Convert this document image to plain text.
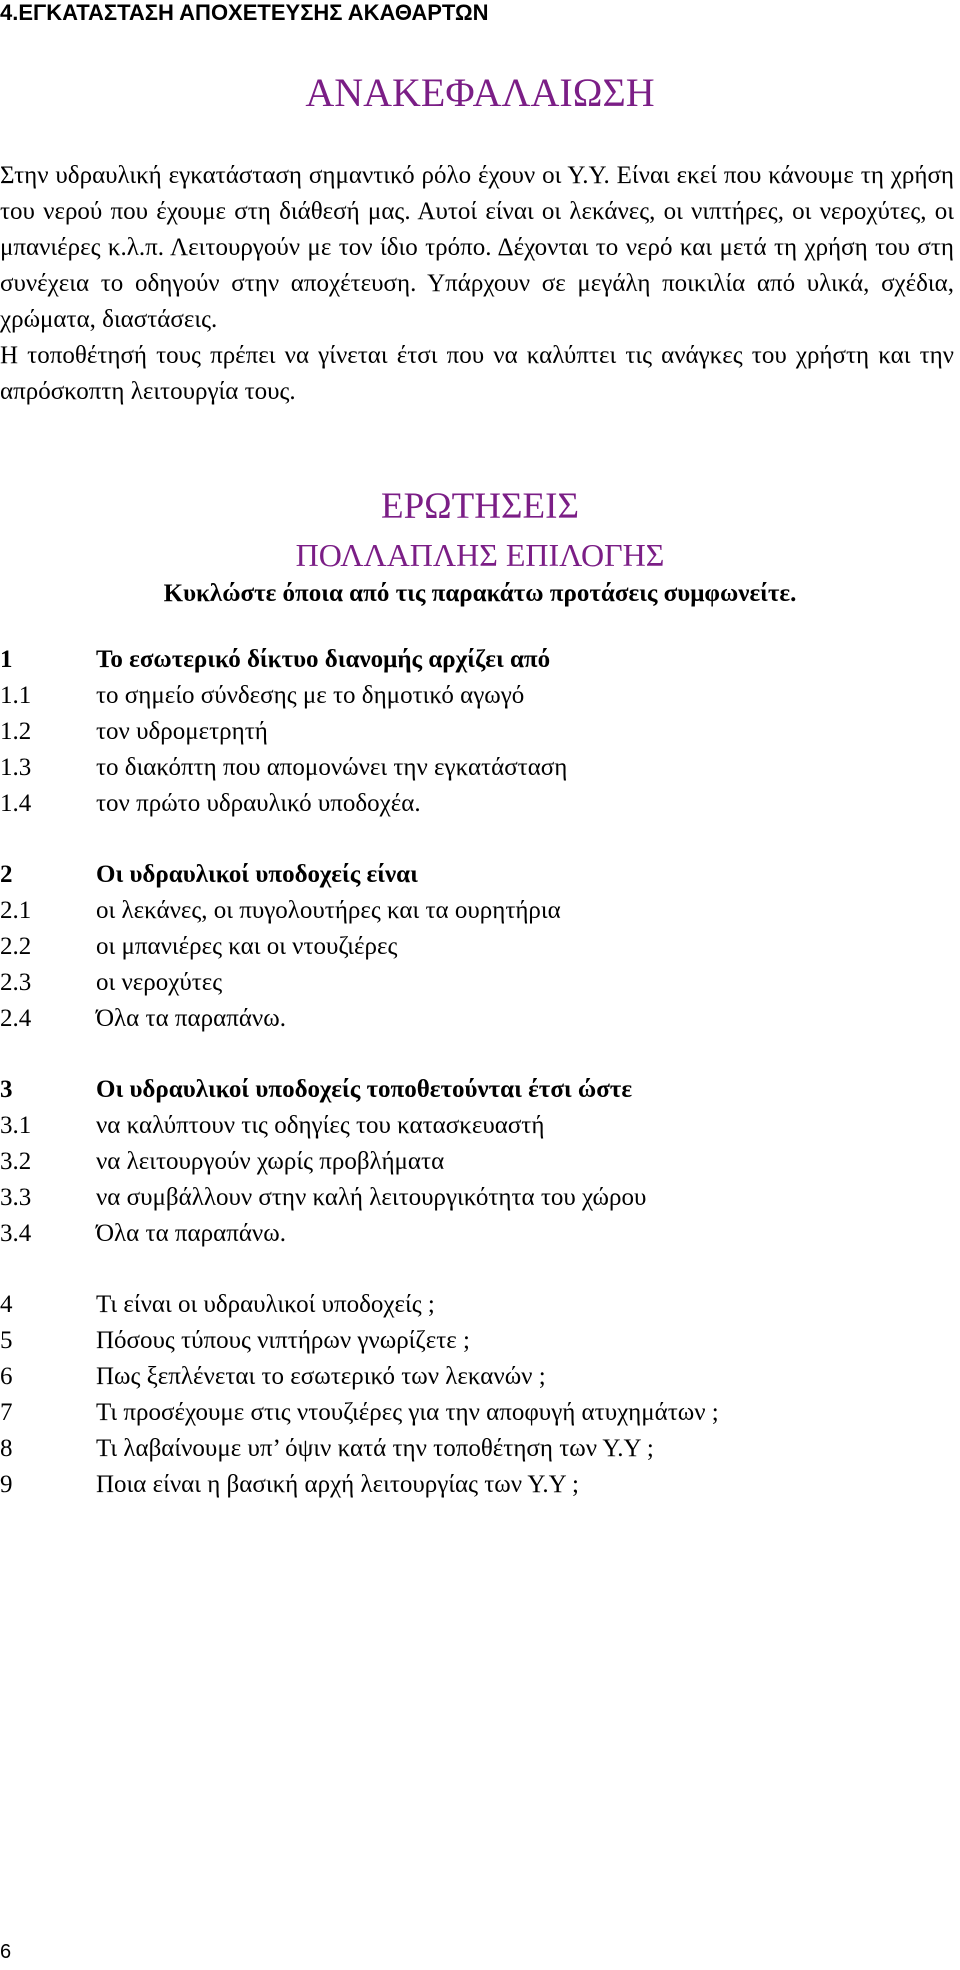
4.ΕΓΚΑΤΑΣΤΑΣΗ ΑΠΟΧΕΤΕΥΣΗΣ ΑΚΑΘΑΡΤΩΝ
ΑΝΑΚΕΦΑΛΑΙΩΣΗ

Στην υδραυλική εγκατάσταση σημαντικό ρόλο έχουν οι Υ.Υ. Είναι εκεί που κάνουμε τη χρήση του νερού που έχουμε στη διάθεσή μας. Αυτοί είναι οι λεκάνες, οι νιπτήρες, οι νεροχύτες, οι μπανιέρες κ.λ.π. Λειτουργούν με τον ίδιο τρόπο. Δέχονται το νερό και μετά τη χρήση του στη συνέχεια το οδηγούν στην αποχέτευση. Υπάρχουν σε μεγάλη ποικιλία από υλικά, σχέδια, χρώματα, διαστάσεις.

Η τοποθέτησή τους πρέπει να γίνεται έτσι που να καλύπτει τις ανάγκες του χρήστη και την απρόσκοπτη λειτουργία τους.

ΕΡΩΤΗΣΕΙΣ
ΠΟΛΛΑΠΛΗΣ ΕΠΙΛΟΓΗΣ
Κυκλώστε όποια από τις παρακάτω προτάσεις συμφωνείτε.
1	Το εσωτερικό δίκτυο διανομής αρχίζει από
1.1	το σημείο σύνδεσης με το δημοτικό αγωγό
1.2	τον υδρομετρητή
1.3	το διακόπτη που απομονώνει την εγκατάσταση
1.4	τον πρώτο υδραυλικό υποδοχέα.
2	Οι υδραυλικοί υποδοχείς είναι
2.1	οι λεκάνες, οι πυγολουτήρες και τα ουρητήρια
2.2	οι μπανιέρες και οι ντουζιέρες
2.3	οι νεροχύτες
2.4	Όλα τα παραπάνω.
3	Οι υδραυλικοί υποδοχείς τοποθετούνται έτσι ώστε
3.1	να καλύπτουν τις οδηγίες του κατασκευαστή
3.2	να λειτουργούν χωρίς προβλήματα
3.3	να συμβάλλουν στην καλή λειτουργικότητα του χώρου
3.4	Όλα τα παραπάνω.
4	Τι είναι οι υδραυλικοί υποδοχείς ;
5	Πόσους τύπους νιπτήρων γνωρίζετε ;
6	Πως ξεπλένεται το εσωτερικό των λεκανών ;
7	Τι προσέχουμε στις ντουζιέρες για την αποφυγή ατυχημάτων ;
8	Τι λαβαίνουμε υπ’ όψιν κατά την τοποθέτηση των Υ.Υ ;
9	Ποια είναι η βασική αρχή λειτουργίας των Υ.Υ ;
6
